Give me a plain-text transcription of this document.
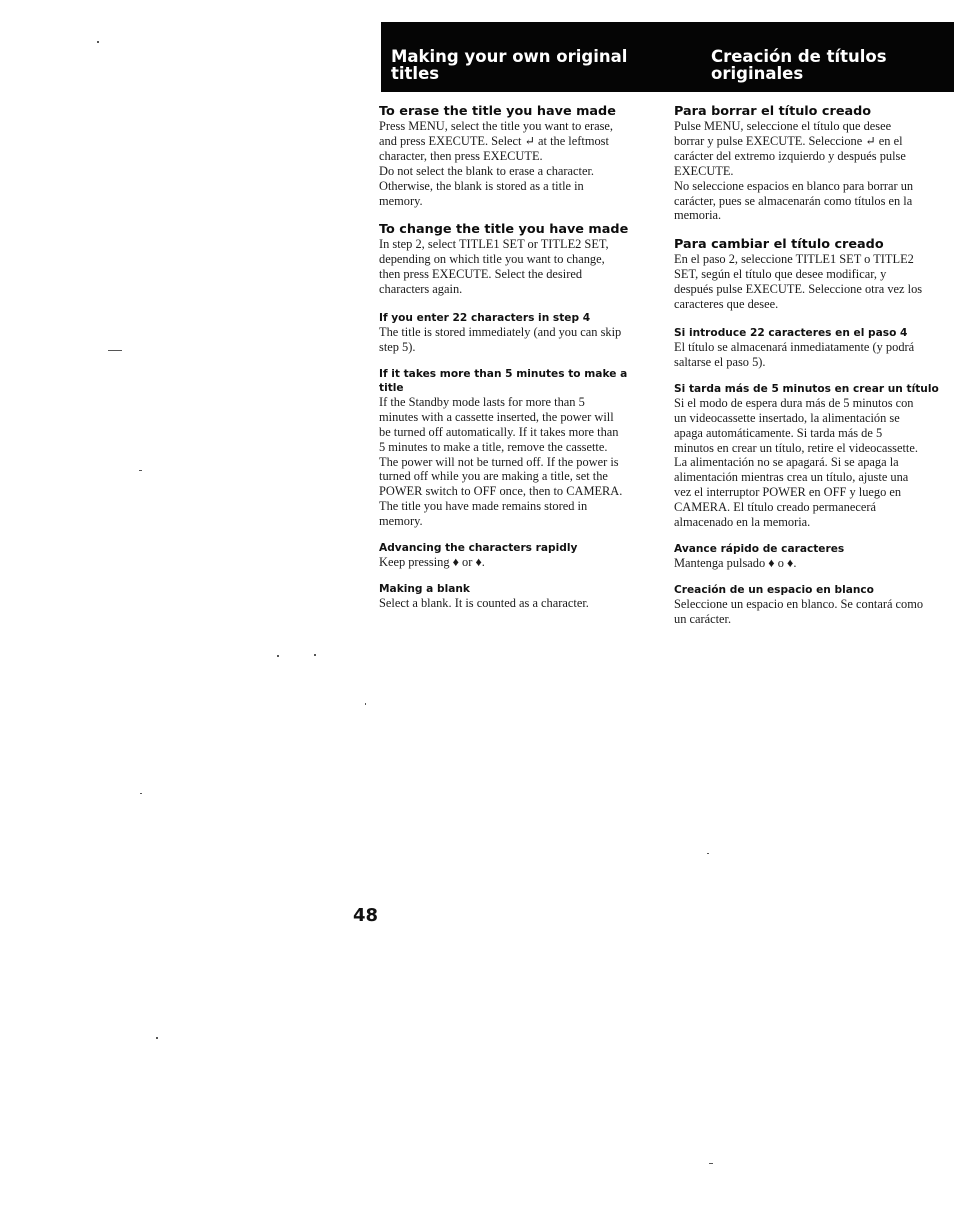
Making your own original
titles
Creación de títulos
originales
To erase the title you have made
Press MENU, select the title you want to erase,
and press EXECUTE. Select ↵ at the leftmost
character, then press EXECUTE.
Do not select the blank to erase a character.
Otherwise, the blank is stored as a title in
memory.
To change the title you have made
In step 2, select TITLE1 SET or TITLE2 SET,
depending on which title you want to change,
then press EXECUTE. Select the desired
characters again.
If you enter 22 characters in step 4
The title is stored immediately (and you can skip
step 5).
If it takes more than 5 minutes to make a title
If the Standby mode lasts for more than 5
minutes with a cassette inserted, the power will
be turned off automatically. If it takes more than
5 minutes to make a title, remove the cassette.
The power will not be turned off. If the power is
turned off while you are making a title, set the
POWER switch to OFF once, then to CAMERA.
The title you have made remains stored in
memory.
Advancing the characters rapidly
Keep pressing ♦ or ♦.
Making a blank
Select a blank. It is counted as a character.
Para borrar el título creado
Pulse MENU, seleccione el título que desee
borrar y pulse EXECUTE. Seleccione ↵ en el
carácter del extremo izquierdo y después pulse
EXECUTE.
No seleccione espacios en blanco para borrar un
carácter, pues se almacenarán como títulos en la
memoria.
Para cambiar el título creado
En el paso 2, seleccione TITLE1 SET o TITLE2
SET, según el título que desee modificar, y
después pulse EXECUTE. Seleccione otra vez los
caracteres que desee.
Si introduce 22 caracteres en el paso 4
El título se almacenará inmediatamente (y podrá
saltarse el paso 5).
Si tarda más de 5 minutos en crear un título
Si el modo de espera dura más de 5 minutos con
un videocassette insertado, la alimentación se
apaga automáticamente. Si tarda más de 5
minutos en crear un título, retire el videocassette.
La alimentación no se apagará. Si se apaga la
alimentación mientras crea un título, ajuste una
vez el interruptor POWER en OFF y luego en
CAMERA. El título creado permanecerá
almacenado en la memoria.
Avance rápido de caracteres
Mantenga pulsado ♦ o ♦.
Creación de un espacio en blanco
Seleccione un espacio en blanco. Se contará como
un carácter.
48
